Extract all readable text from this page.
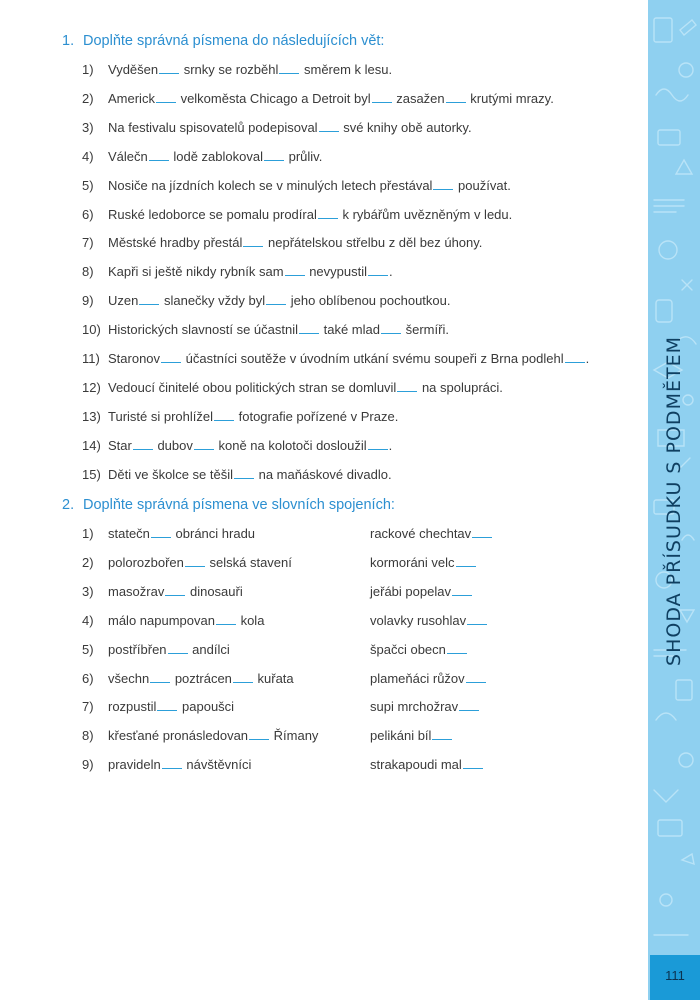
1. Doplňte správná písmena do následujících vět:
1) Vyděšen srnky se rozběhl směrem k lesu.
2) Americk velkoměsta Chicago a Detroit byl zasažen krutými mrazy.
3) Na festivalu spisovatelů podepisoval své knihy obě autorky.
4) Válečn lodě zablokoval průliv.
5) Nosiče na jízdních kolech se v minulých letech přestával používat.
6) Ruské ledoborce se pomalu prodíral k rybářům uvězněným v ledu.
7) Městské hradby přestál nepřátelskou střelbu z děl bez úhony.
8) Kapři si ještě nikdy rybník sam nevypustil .
9) Uzen slanečky vždy byl jeho oblíbenou pochoutkou.
10) Historických slavností se účastnil také mlad šermíři.
11) Staronov účastníci soutěže v úvodním utkání svému soupeři z Brna podlehl .
12) Vedoucí činitelé obou politických stran se domluvil na spolupráci.
13) Turisté si prohlížel fotografie pořízené v Praze.
14) Star dubov koně na kolotoči dosloužil .
15) Děti ve školce se těšil na maňáskové divadlo.
2. Doplňte správná písmena ve slovních spojeních:
1) statečn obránci hradu	rackové chechtav
2) polorozbořen selská stavení	kormoráni velc
3) masožrav dinosauři	jeřábi popelav
4) málo napumpovan kola	volavky rusohlav
5) postříbřen andílci	špačci obecn
6) všechn poztrácen kuřata	plameňáci růžov
7) rozpustil papoušci	supi mrchožrav
8) křesťané pronásledovan Římany	pelikáni bíl
9) pravideln návštěvníci	strakapoudi mal
SHODA PŘÍSUDKU S PODMĚTEM
111
